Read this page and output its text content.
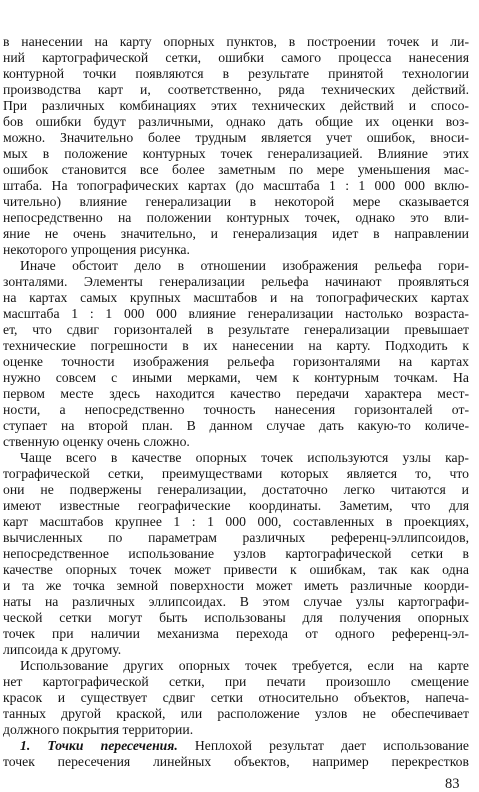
в нанесении на карту опорных пунктов, в построении точек и ли-
ний картографической сетки, ошибки самого процесса нанесения
контурной точки появляются в результате принятой технологии
производства карт и, соответственно, ряда технических действий.
При различных комбинациях этих технических действий и спосо-
бов ошибки будут различными, однако дать общие их оценки воз-
можно. Значительно более трудным является учет ошибок, вноси-
мых в положение контурных точек генерализацией. Влияние этих
ошибок становится все более заметным по мере уменьшения мас-
штаба. На топографических картах (до масштаба 1 : 1 000 000 вклю-
чительно) влияние генерализации в некоторой мере сказывается
непосредственно на положении контурных точек, однако это вли-
яние не очень значительно, и генерализация идет в направлении
некоторого упрощения рисунка.
Иначе обстоит дело в отношении изображения рельефа гори-
зонталями. Элементы генерализации рельефа начинают проявляться
на картах самых крупных масштабов и на топографических картах
масштаба 1 : 1 000 000 влияние генерализации настолько возраста-
ет, что сдвиг горизонталей в результате генерализации превышает
технические погрешности в их нанесении на карту. Подходить к
оценке точности изображения рельефа горизонталями на картах
нужно совсем с иными мерками, чем к контурным точкам. На
первом месте здесь находится качество передачи характера мест-
ности, а непосредственно точность нанесения горизонталей от-
ступает на второй план. В данном случае дать какую-то количе-
ственную оценку очень сложно.
Чаще всего в качестве опорных точек используются узлы кар-
тографической сетки, преимуществами которых является то, что
они не подвержены генерализации, достаточно легко читаются и
имеют известные географические координаты. Заметим, что для
карт масштабов крупнее 1 : 1 000 000, составленных в проекциях,
вычисленных по параметрам различных референц-эллипсоидов,
непосредственное использование узлов картографической сетки в
качестве опорных точек может привести к ошибкам, так как одна
и та же точка земной поверхности может иметь различные коорди-
наты на различных эллипсоидах. В этом случае узлы картографи-
ческой сетки могут быть использованы для получения опорных
точек при наличии механизма перехода от одного референц-эл-
липсоида к другому.
Использование других опорных точек требуется, если на карте
нет картографической сетки, при печати произошло смещение
красок и существует сдвиг сетки относительно объектов, напеча-
танных другой краской, или расположение узлов не обеспечивает
должного покрытия территории.
1. Точки пересечения. Неплохой результат дает использование
точек пересечения линейных объектов, например перекрестков
83
